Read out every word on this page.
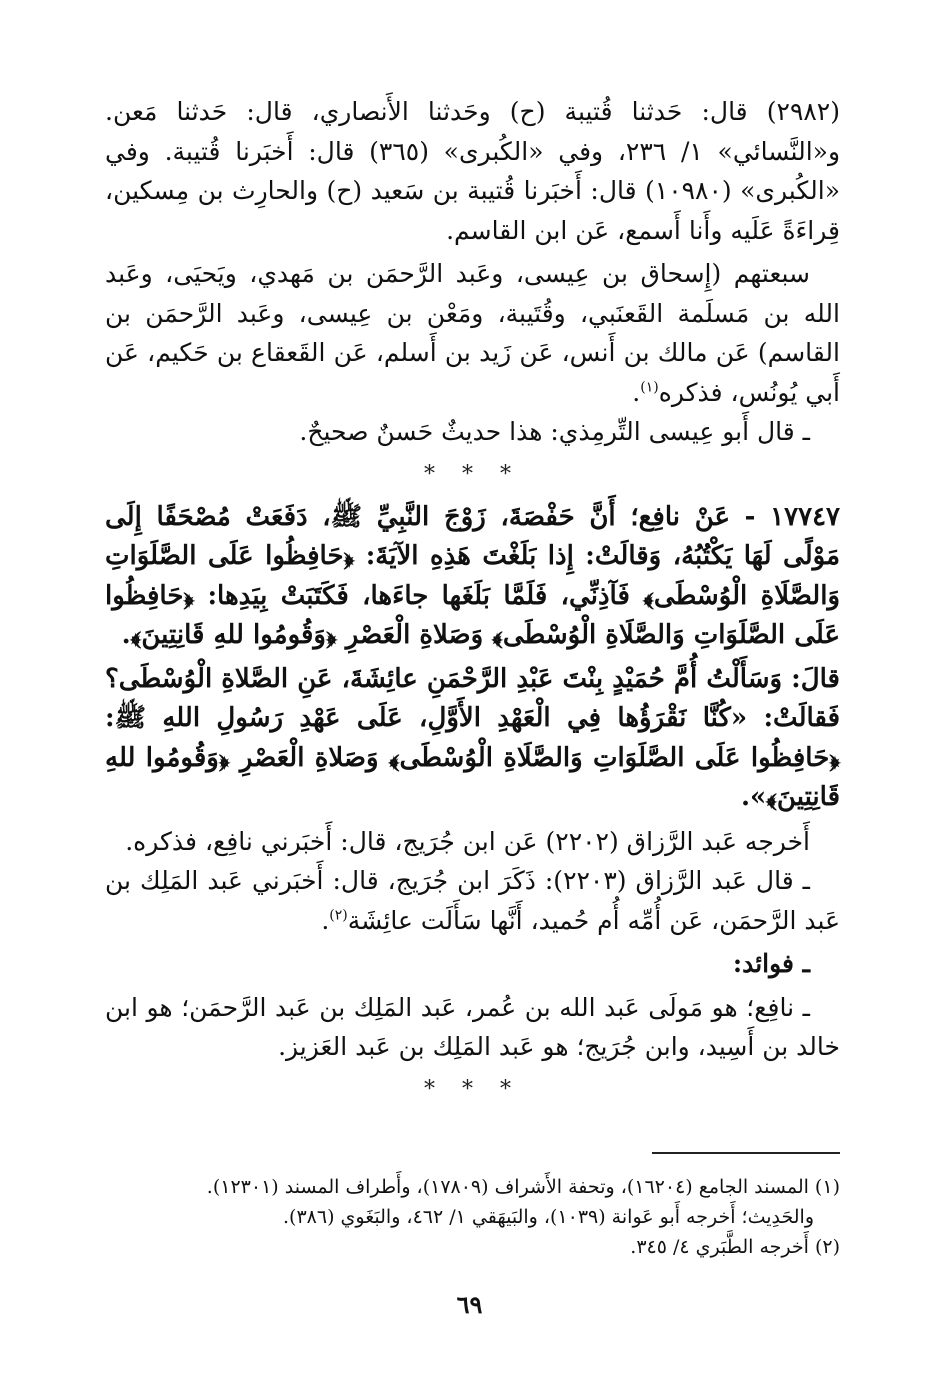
(٢٩٨٢) قال: حَدثنا قُتيبة (ح) وحَدثنا الأَنصاري، قال: حَدثنا مَعن. و«النَّسائي» ١/ ٢٣٦، وفي «الكُبرى» (٣٦٥) قال: أَخبَرنا قُتيبة. وفي «الكُبرى» (١٠٩٨٠) قال: أَخبَرنا قُتيبة بن سَعيد (ح) والحارِث بن مِسكين، قِراءَةً عَلَيه وأَنا أَسمع، عَن ابن القاسم.

سبعتهم (إِسحاق بن عِيسى، وعَبد الرَّحمَن بن مَهدي، ويَحيَى، وعَبد الله بن مَسلَمة القَعنَبي، وقُتَيبة، ومَعْن بن عِيسى، وعَبد الرَّحمَن بن القاسم) عَن مالك بن أَنس، عَن زَيد بن أَسلم، عَن القَعقاع بن حَكيم، عَن أَبي يُونُس، فذكره$^{(١)}$.

ـ قال أَبو عِيسى التِّرمِذي: هذا حديثٌ حَسنٌ صحيحٌ.

* * *

١٧٧٤٧ - عَنْ نافِع؛ أَنَّ حَفْصَةَ، زَوْجَ النَّبِيِّ ﷺ، دَفَعَتْ مُصْحَفًا إِلَى مَوْلًى لَهَا يَكْتُبُهُ، وَقالَتْ: إِذا بَلَغْتَ هَذِهِ الآيَةَ: ﴿حَافِظُوا عَلَى الصَّلَوَاتِ وَالصَّلَاةِ الْوُسْطَى﴾ فَآذِنِّي، فَلَمَّا بَلَغَها جاءَها، فَكَتَبَتْ بِيَدِها: ﴿حَافِظُوا عَلَى الصَّلَوَاتِ وَالصَّلَاةِ الْوُسْطَى﴾ وَصَلاةِ الْعَصْرِ ﴿وَقُومُوا للهِ قَانِتِينَ﴾.

قالَ: وَسَأَلْتُ أُمَّ حُمَيْدٍ بِنْتَ عَبْدِ الرَّحْمَنِ عائِشَةَ، عَنِ الصَّلاةِ الْوُسْطَى؟ فَقالَتْ: «كُنَّا نَقْرَؤُها فِي الْعَهْدِ الأَوَّلِ، عَلَى عَهْدِ رَسُولِ اللهِ ﷺ: ﴿حَافِظُوا عَلَى الصَّلَوَاتِ وَالصَّلَاةِ الْوُسْطَى﴾ وَصَلاةِ الْعَصْرِ ﴿وَقُومُوا للهِ قَانِتِينَ﴾».

أَخرجه عَبد الرَّزاق (٢٢٠٢) عَن ابن جُرَيج، قال: أَخبَرني نافِع، فذكره.

ـ قال عَبد الرَّزاق (٢٢٠٣): ذَكَرَ ابن جُرَيج، قال: أَخبَرني عَبد المَلِك بن عَبد الرَّحمَن، عَن أُمِّه أُم حُميد، أَنَّها سَأَلَت عائِشَة$^{(٢)}$.

ـ فوائد:

ـ نافِع؛ هو مَولَى عَبد الله بن عُمر، عَبد المَلِك بن عَبد الرَّحمَن؛ هو ابن خالد بن أَسِيد، وابن جُرَيج؛ هو عَبد المَلِك بن عَبد العَزيز.

* * *

(١) المسند الجامع (١٦٢٠٤)، وتحفة الأَشراف (١٧٨٠٩)، وأَطراف المسند (١٢٣٠١).

والحَدِيث؛ أَخرجه أَبو عَوانة (١٠٣٩)، والبَيهَقي ١/ ٤٦٢، والبَغَوي (٣٨٦).

(٢) أَخرجه الطَّبَري ٤/ ٣٤٥.

٦٩
